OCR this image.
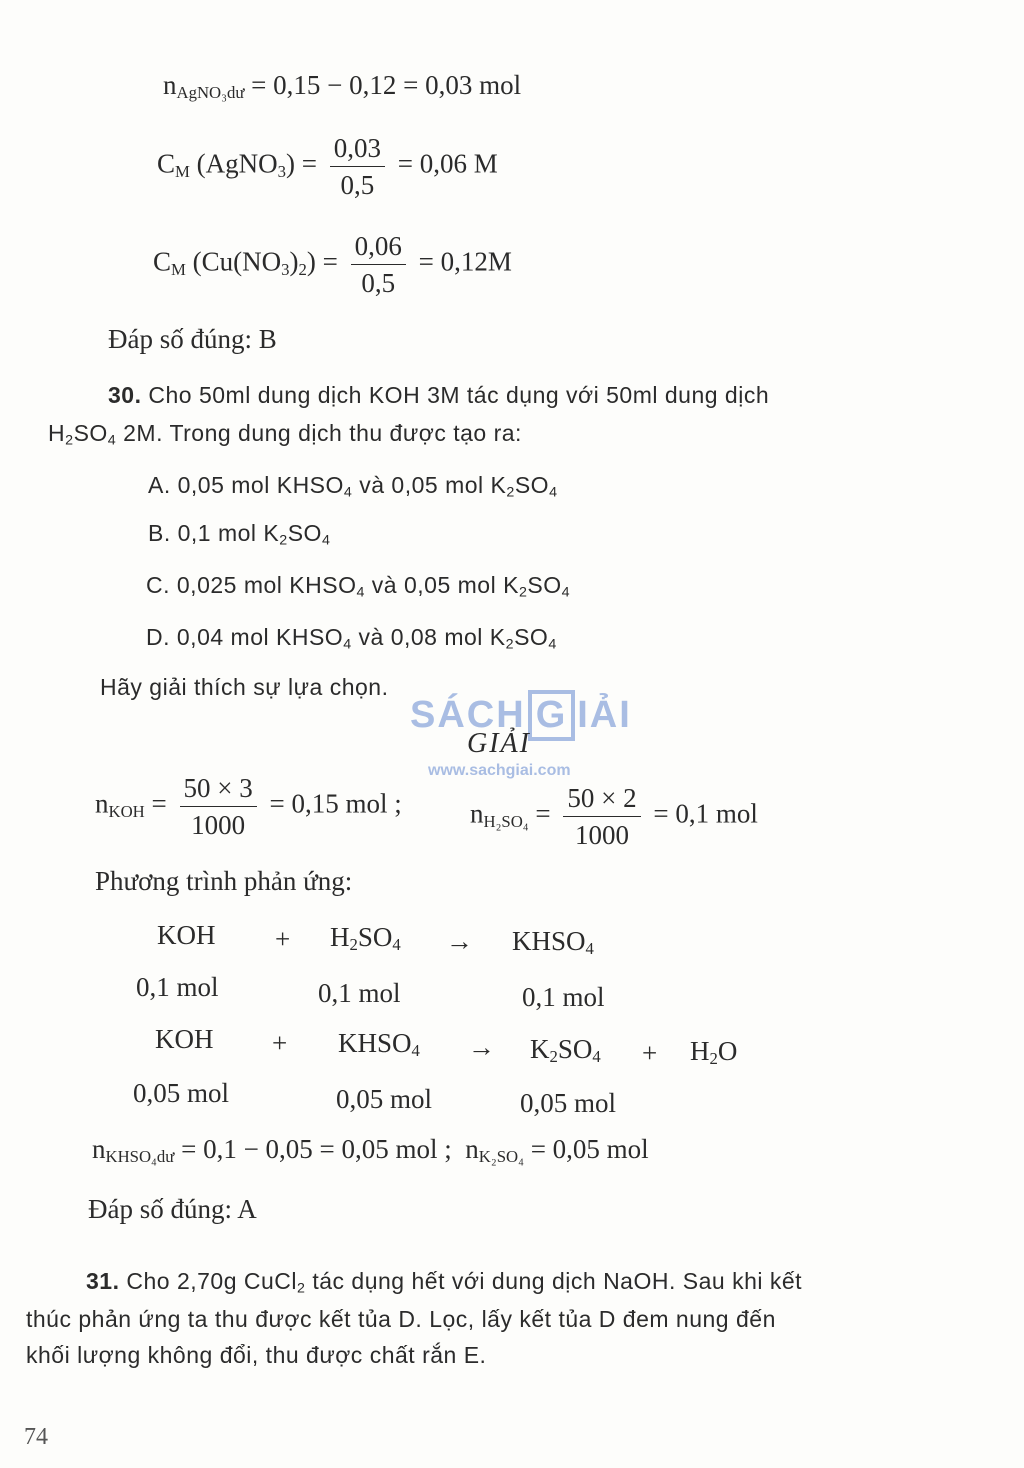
$n_{AgNO_3dư} = 0,15 - 0,12 = 0,03$ mol
$C_M$ (AgNO$_3$) = $\frac{0,03}{0,5} = 0,06$ M
$C_M$ $(Cu(NO_3)_2) = \frac{0,06}{0,5} = 0,12M$
Đáp số đúng: B
30. Cho 50ml dung dịch KOH 3M tác dụng với 50ml dung dịch
$H_2SO_4$ 2M. Trong dung dịch thu được tạo ra:
A. 0,05 mol $KHSO_4$ và 0,05 mol $K_2SO_4$
B. 0,1 mol $K_2SO_4$
C. 0,025 mol $KHSO_4$ và 0,05 mol $K_2SO_4$
D. 0,04 mol $KHSO_4$ và 0,08 mol $K_2SO_4$
Hãy giải thích sự lựa chọn.
SÁCH G IẢI
www.sachgiai.com
GIẢI
$n_{KOH} = \frac{50 \times 3}{1000} = 0,15$ mol ;	$n_{H_2SO_4} = \frac{50 \times 2}{1000} = 0,1$ mol
Phương trình phản ứng:
KOH + $H_2SO_4$ → $KHSO_4$
0,1 mol	0,1 mol	0,1 mol
KOH + $KHSO_4 \to K_2SO_4 + H_2O$
0,05 mol	0,05 mol	0,05 mol
$n_{KHSO_4dư} = 0,1 - 0,05 = 0,05$ mol ; $n_{K_2SO_4} = 0,05$ mol
Đáp số đúng: A
31. Cho 2,70g CuCl$_2$ tác dụng hết với dung dịch NaOH. Sau khi kết
thúc phản ứng ta thu được kết tủa D. Lọc, lấy kết tủa D đem nung đến
khối lượng không đổi, thu được chất rắn E.
74
